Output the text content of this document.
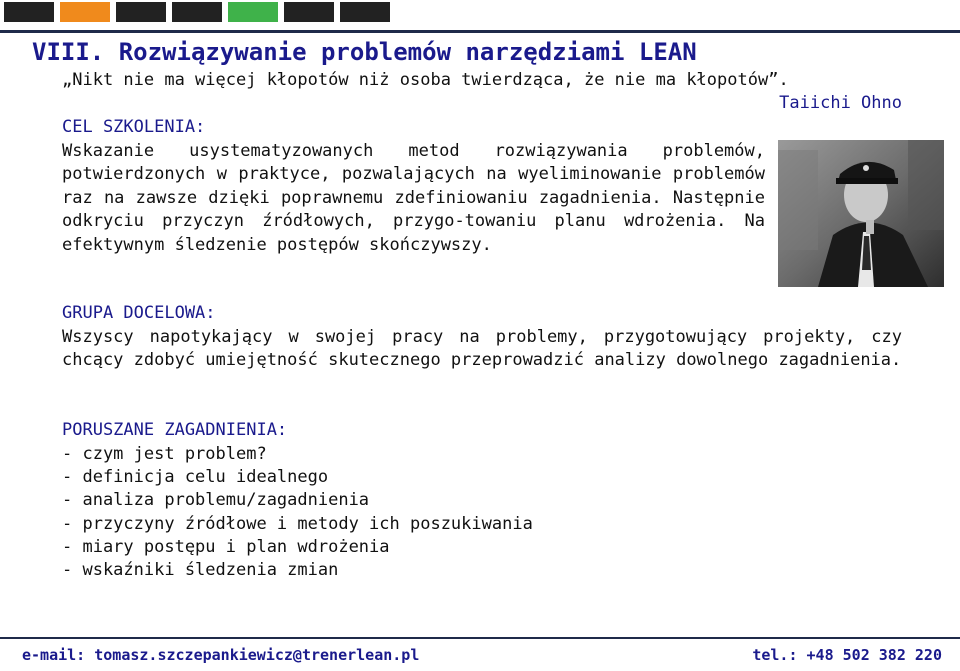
VIII. Rozwiązywanie problemów narzędziami LEAN
„Nikt nie ma więcej kłopotów niż osoba twierdząca, że nie ma kłopotów”.
Taiichi Ohno
CEL SZKOLENIA:
Wskazanie usystematyzowanych metod rozwiązywania problemów, potwierdzonych w praktyce, pozwalających na wyeliminowanie problemów raz na zawsze dzięki poprawnemu zdefiniowaniu zagadnienia. Następnie odkryciu przyczyn źródłowych, przygo-towaniu planu wdrożenia. Na efektywnym śledzenie postępów skończywszy.
GRUPA DOCELOWA:
Wszyscy napotykający w swojej pracy na problemy, przygotowujący projekty, czy chcący zdobyć umiejętność skutecznego przeprowadzić analizy dowolnego zagadnienia.
PORUSZANE ZAGADNIENIA:
- czym jest problem?
- definicja celu idealnego
- analiza problemu/zagadnienia
- przyczyny źródłowe i metody ich poszukiwania
- miary postępu i plan wdrożenia
- wskaźniki śledzenia zmian
e-mail: tomasz.szczepankiewicz@trenerlean.pl	tel.: +48 502 382 220
